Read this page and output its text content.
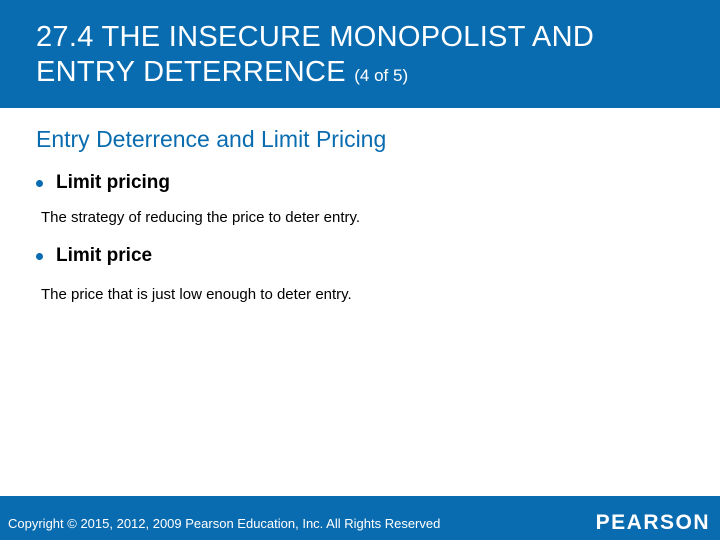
27.4 THE INSECURE MONOPOLIST AND
ENTRY DETERRENCE (4 of 5)
Entry Deterrence and Limit Pricing
Limit pricing
The strategy of reducing the price to deter entry.
Limit price
The price that is just low enough to deter entry.
Copyright © 2015, 2012, 2009 Pearson Education, Inc. All Rights Reserved	PEARSON
